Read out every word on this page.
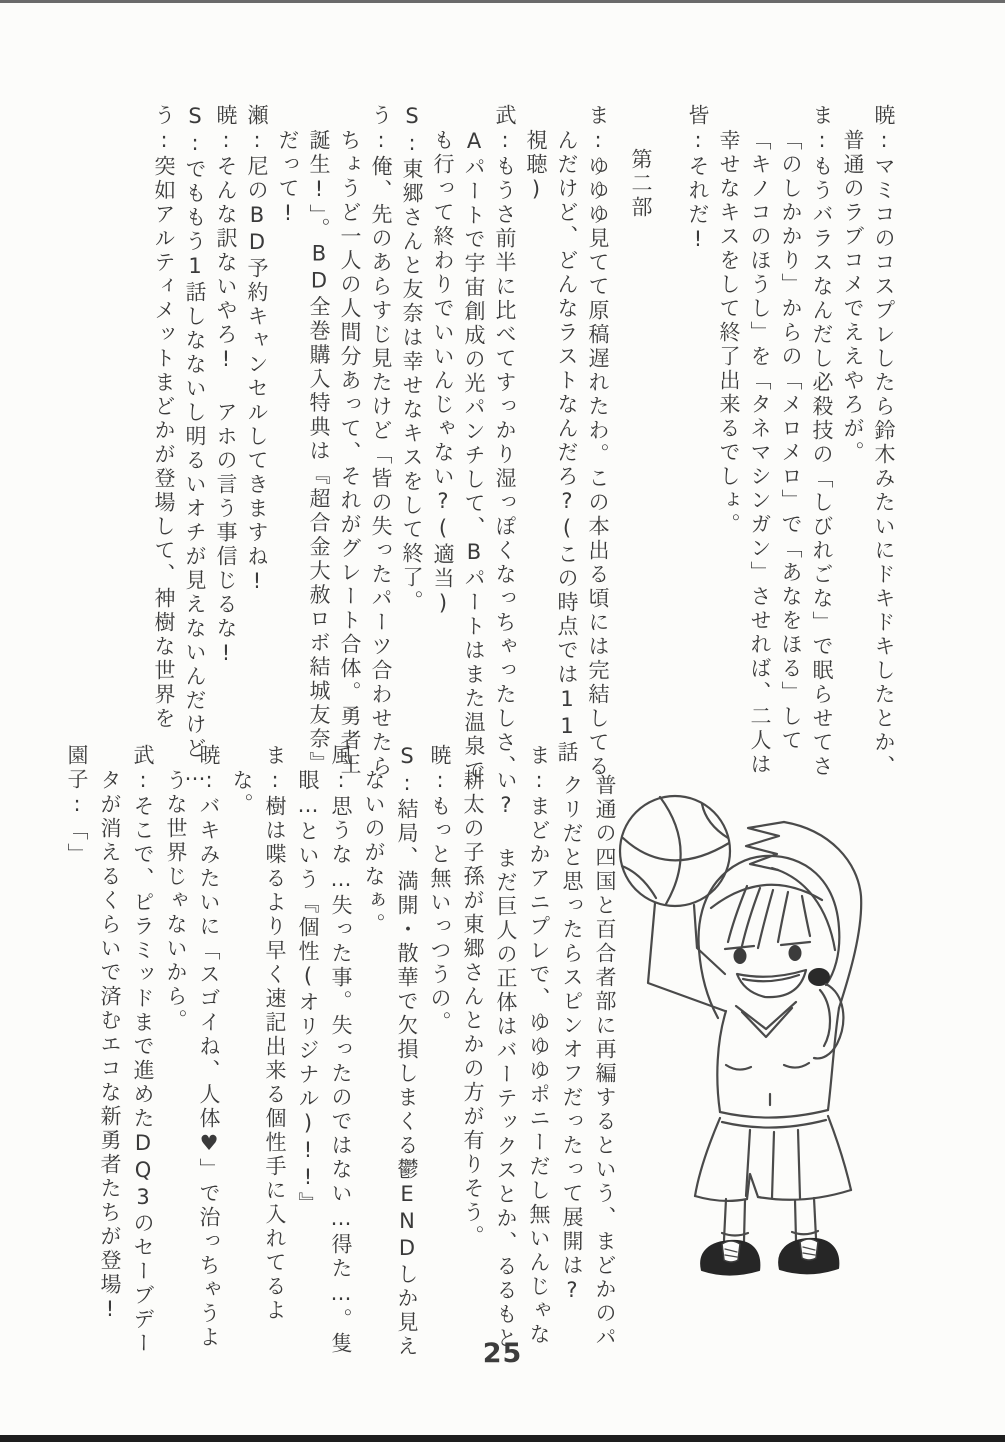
暁:マミコのコスプレしたら鈴木みたいにドキドキしたとか、普通のラブコメでええやろが。

ま:もうバラスなんだし必殺技の「しびれごな」で眠らせてさ「のしかかり」からの「メロメロ」で「あなをほる」して「キノコのほうし」を「タネマシンガン」させれば、二人は幸せなキスをして終了出来るでしょ。

皆:それだ!

第二部

ま:ゆゆゆ見てて原稿遅れたわ。この本出る頃には完結してるんだけど、どんなラストなんだろ?(この時点では11話視聴)

武:もうさ前半に比べてすっかり湿っぽくなっちゃったしさ、Aパートで宇宙創成の光パンチして、Bパートはまた温泉でも行って終わりでいいんじゃない?(適当)

S:東郷さんと友奈は幸せなキスをして終了。

う:俺、先のあらすじ見たけど「皆の失ったパーツ合わせたらちょうど一人の人間分あって、それがグレート合体。勇者王誕生!」。BD全巻購入特典は『超合金大赦ロボ結城友奈』だって!

瀬:尼のBD予約キャンセルしてきますね!

暁:そんな訳ないやろ! アホの言う事信じるな!

S:でももう1話しなないし明るいオチが見えないんだけど…

う:突如アルティメットまどかが登場して、神樹な世界を

普通の四国と百合者部に再編するという、まどかのパクリだと思ったらスピンオフだったって展開は?

ま:まどかアニプレで、ゆゆゆポニーだし無いんじゃない? まだ巨人の正体はバーテックスとか、るるもと耕太の子孫が東郷さんとかの方が有りそう。

暁:もっと無いっつうの。

S:結局、満開・散華で欠損しまくる鬱ENDしか見えないのがなぁ。

風:思うな…失った事。失ったのではない…得た…。隻眼…という『個性(オリジナル)!!』

ま:樹は喋るより早く速記出来る個性手に入れてるよな。

暁:バキみたいに「スゴイね、人体♥」で治っちゃうような世界じゃないから。

武:そこで、ピラミッドまで進めたDQ3のセーブデータが消えるくらいで済むエコな新勇者たちが登場!

園子:「」

25
